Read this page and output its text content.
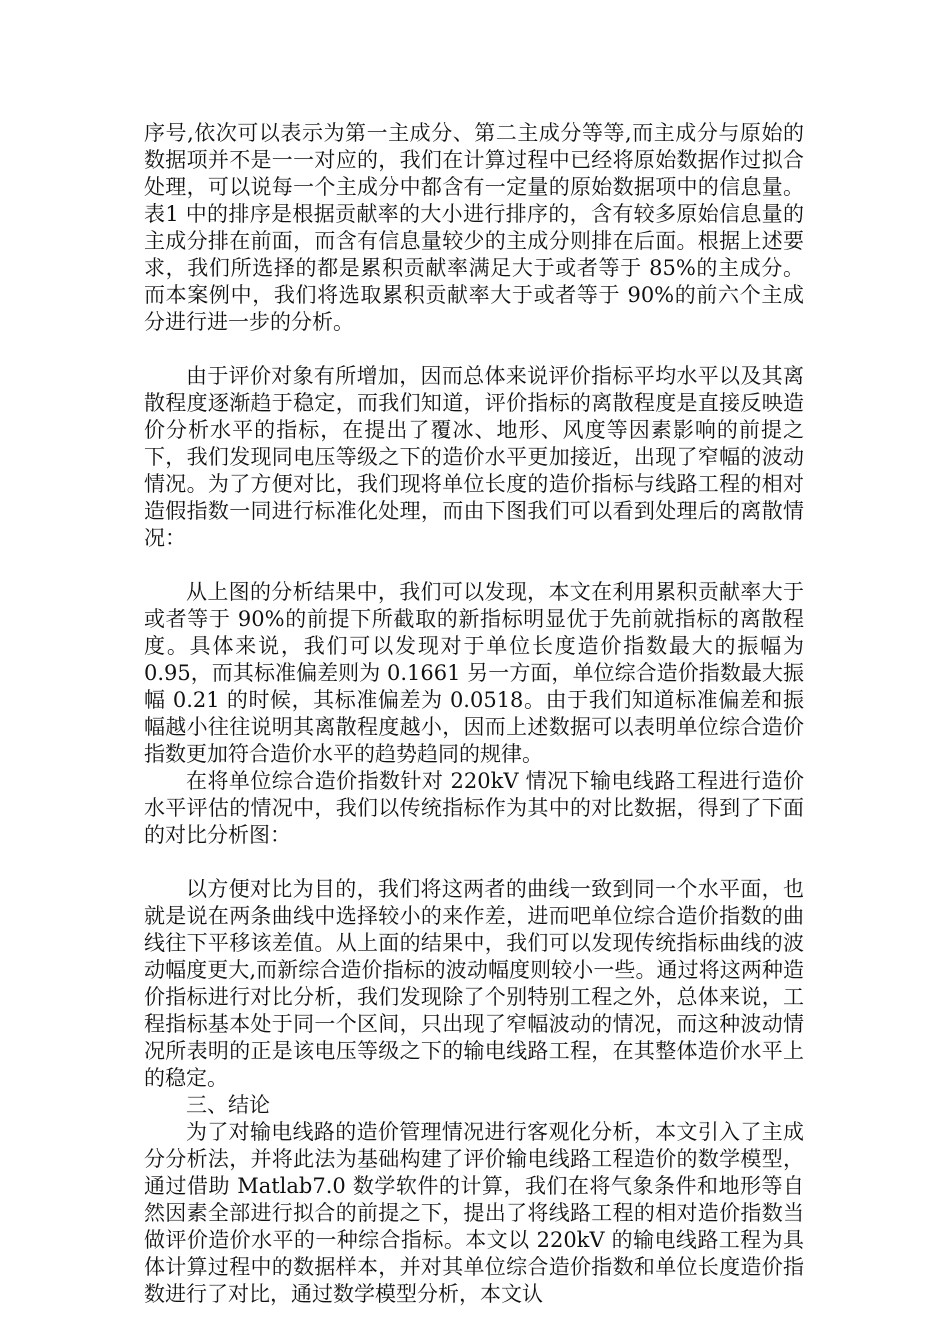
序号,依次可以表示为第一主成分、第二主成分等等,而主成分与原始的数据项并不是一一对应的，我们在计算过程中已经将原始数据作过拟合处理，可以说每一个主成分中都含有一定量的原始数据项中的信息量。表1 中的排序是根据贡献率的大小进行排序的，含有较多原始信息量的主成分排在前面，而含有信息量较少的主成分则排在后面。根据上述要求，我们所选择的都是累积贡献率满足大于或者等于 85%的主成分。而本案例中，我们将选取累积贡献率大于或者等于 90%的前六个主成分进行进一步的分析。

由于评价对象有所增加，因而总体来说评价指标平均水平以及其离散程度逐渐趋于稳定，而我们知道，评价指标的离散程度是直接反映造价分析水平的指标，在提出了覆冰、地形、风度等因素影响的前提之下，我们发现同电压等级之下的造价水平更加接近，出现了窄幅的波动情况。为了方便对比，我们现将单位长度的造价指标与线路工程的相对造假指数一同进行标准化处理，而由下图我们可以看到处理后的离散情况：

从上图的分析结果中，我们可以发现，本文在利用累积贡献率大于或者等于 90%的前提下所截取的新指标明显优于先前就指标的离散程度。具体来说，我们可以发现对于单位长度造价指数最大的振幅为 0.95，而其标准偏差则为 0.1661 另一方面，单位综合造价指数最大振幅 0.21 的时候，其标准偏差为 0.0518。由于我们知道标准偏差和振幅越小往往说明其离散程度越小，因而上述数据可以表明单位综合造价指数更加符合造价水平的趋势趋同的规律。

在将单位综合造价指数针对 220kV 情况下输电线路工程进行造价水平评估的情况中，我们以传统指标作为其中的对比数据，得到了下面的对比分析图：

以方便对比为目的，我们将这两者的曲线一致到同一个水平面，也就是说在两条曲线中选择较小的来作差，进而吧单位综合造价指数的曲线往下平移该差值。从上面的结果中，我们可以发现传统指标曲线的波动幅度更大,而新综合造价指标的波动幅度则较小一些。通过将这两种造价指标进行对比分析，我们发现除了个别特别工程之外，总体来说，工程指标基本处于同一个区间，只出现了窄幅波动的情况，而这种波动情况所表明的正是该电压等级之下的输电线路工程，在其整体造价水平上的稳定。

三、结论

为了对输电线路的造价管理情况进行客观化分析，本文引入了主成分分析法，并将此法为基础构建了评价输电线路工程造价的数学模型，通过借助 Matlab7.0 数学软件的计算，我们在将气象条件和地形等自然因素全部进行拟合的前提之下，提出了将线路工程的相对造价指数当做评价造价水平的一种综合指标。本文以 220kV 的输电线路工程为具体计算过程中的数据样本，并对其单位综合造价指数和单位长度造价指数进行了对比，通过数学模型分析，本文认
